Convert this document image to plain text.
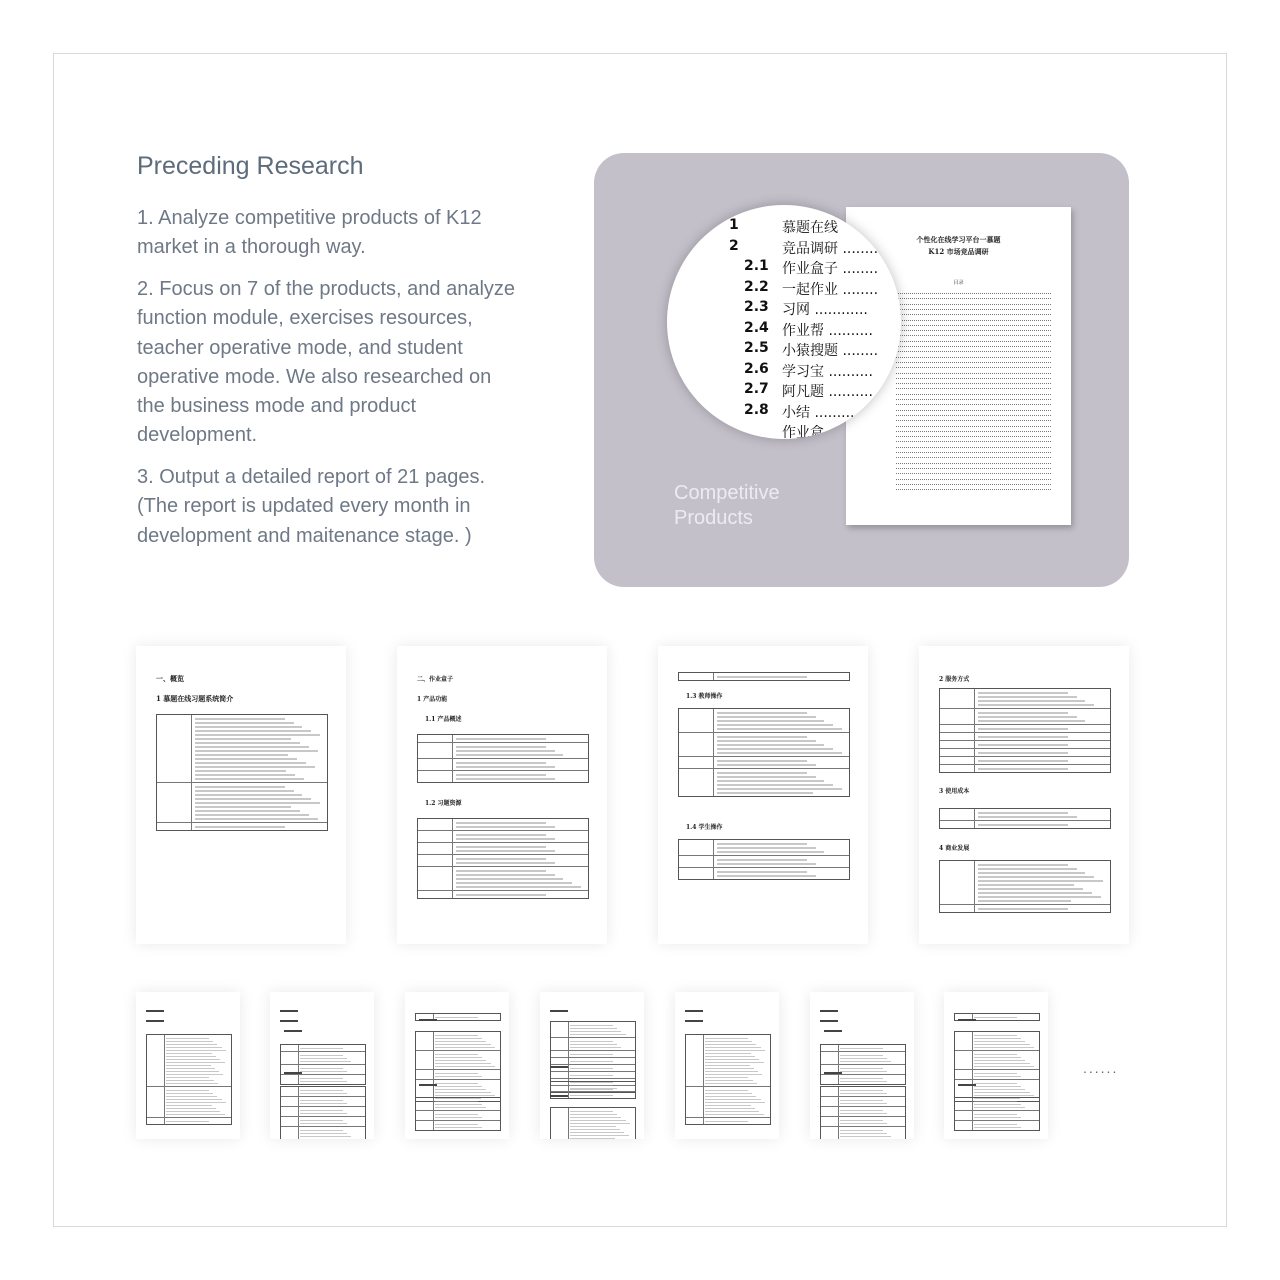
Preceding Research
1. Analyze competitive products of K12 market in a thorough way.
2. Focus on 7 of the products, and analyze function module, exercises resources, teacher operative mode, and student operative mode. We also researched on the business mode and product development.
3. Output a detailed report of 21 pages. (The report is updated every month in development and maitenance stage. )
个性化在线学习平台一慕题
K12 市场竞品调研
目录
1	慕题在线
2	竞品调研 ........
2.1 作业盒子 ........
2.2 一起作业 ........
2.3 习网 ............
2.4 作业帮 ..........
2.5 小猿搜题 ........
2.6 学习宝 ..........
2.7 阿凡题 ..........
2.8 小结 ............
作业盒
Competitive
Products
一、概览
1 慕题在线习题系统简介
二、作业盒子
1 产品功能
1.1 产品概述
1.2 习题资源
1.3 教师操作
1.4 学生操作
2 服务方式
3 使用成本
4 商业发展
......
